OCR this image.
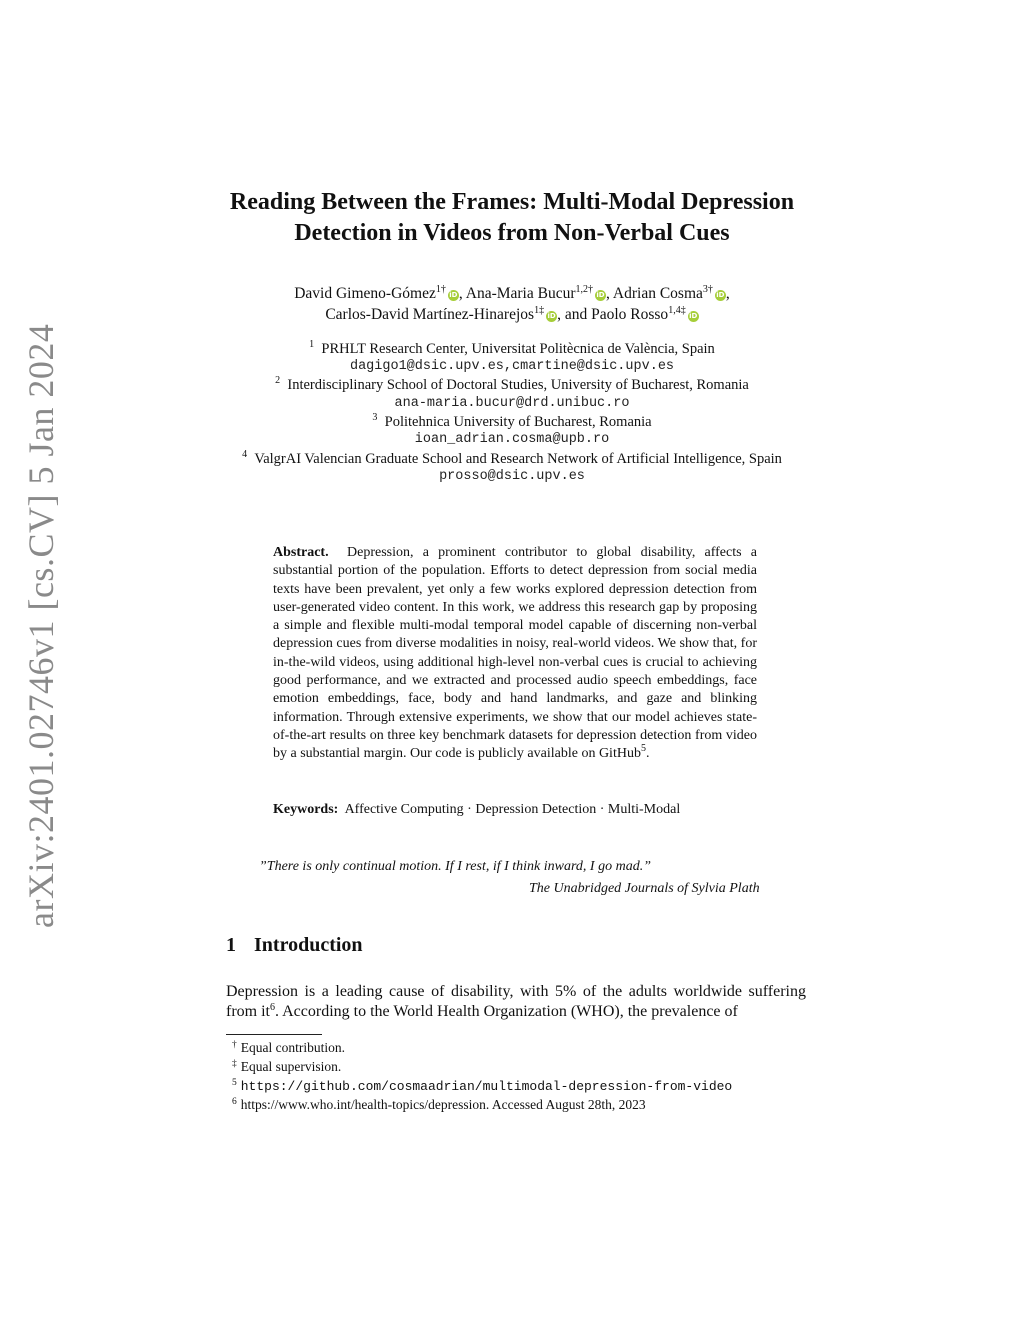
arXiv:2401.02746v1 [cs.CV] 5 Jan 2024
Reading Between the Frames: Multi-Modal Depression
Detection in Videos from Non-Verbal Cues
David Gimeno-Gómez$^{1\dagger}$ iD, Ana-Maria Bucur$^{1,2\dagger}$ iD, Adrian Cosma$^{3\dagger}$ iD,
Carlos-David Martínez-Hinarejos$^{1\ddagger}$ iD, and Paolo Rosso$^{1,4\ddagger}$ iD
$^1$ PRHLT Research Center, Universitat Politècnica de València, Spain
dagigo1@dsic.upv.es,cmartine@dsic.upv.es
$^2$ Interdisciplinary School of Doctoral Studies, University of Bucharest, Romania
ana-maria.bucur@drd.unibuc.ro
$^3$ Politehnica University of Bucharest, Romania
ioan_adrian.cosma@upb.ro
$^4$ ValgrAI Valencian Graduate School and Research Network of Artificial Intelligence, Spain
prosso@dsic.upv.es
Abstract. Depression, a prominent contributor to global disability, affects a substantial portion of the population. Efforts to detect depression from social media texts have been prevalent, yet only a few works explored depression detection from user-generated video content. In this work, we address this research gap by proposing a simple and flexible multi-modal temporal model capable of discerning non-verbal depression cues from diverse modalities in noisy, real-world videos. We show that, for in-the-wild videos, using additional high-level non-verbal cues is crucial to achieving good performance, and we extracted and processed audio speech embeddings, face emotion embeddings, face, body and hand landmarks, and gaze and blinking information. Through extensive experiments, we show that our model achieves state-of-the-art results on three key benchmark datasets for depression detection from video by a substantial margin. Our code is publicly available on GitHub$^5$.
Keywords: Affective Computing · Depression Detection · Multi-Modal
”There is only continual motion. If I rest, if I think inward, I go mad.”
The Unabridged Journals of Sylvia Plath
1 Introduction
Depression is a leading cause of disability, with 5% of the adults worldwide suffering from $it^6$. According to the World Health Organization (WHO), the prevalence of
† Equal contribution.
‡ Equal supervision.
$^5$ https://github.com/cosmaadrian/multimodal-depression-from-video
$^6$ https://www.who.int/health-topics/depression. Accessed August 28th, 2023
